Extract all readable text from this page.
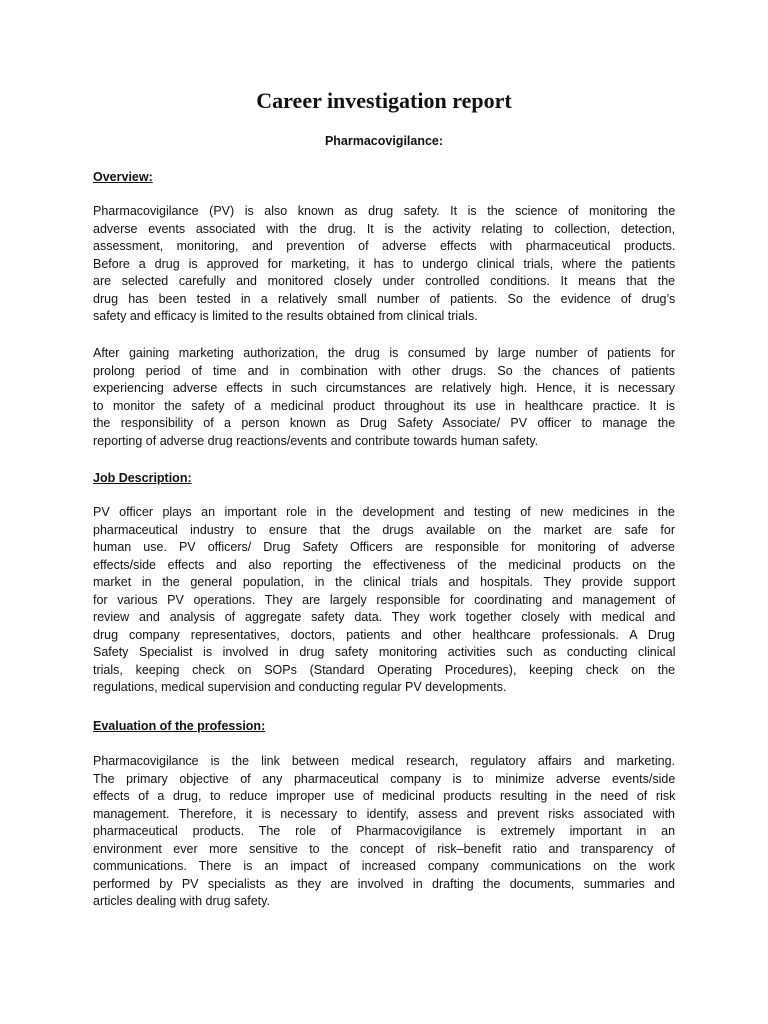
Career investigation report
Pharmacovigilance:
Overview:
Pharmacovigilance (PV) is also known as drug safety. It is the science of monitoring the
adverse events associated with the drug. It is the activity relating to collection, detection,
assessment, monitoring, and prevention of adverse effects with pharmaceutical products.
Before a drug is approved for marketing, it has to undergo clinical trials, where the patients
are selected carefully and monitored closely under controlled conditions. It means that the
drug has been tested in a relatively small number of patients. So the evidence of drug’s
safety and efficacy is limited to the results obtained from clinical trials.
After gaining marketing authorization, the drug is consumed by large number of patients for
prolong period of time and in combination with other drugs. So the chances of patients
experiencing adverse effects in such circumstances are relatively high. Hence, it is necessary
to monitor the safety of a medicinal product throughout its use in healthcare practice. It is
the responsibility of a person known as Drug Safety Associate/ PV officer to manage the
reporting of adverse drug reactions/events and contribute towards human safety.
Job Description:
PV officer plays an important role in the development and testing of new medicines in the
pharmaceutical industry to ensure that the drugs available on the market are safe for
human use. PV officers/ Drug Safety Officers are responsible for monitoring of adverse
effects/side effects and also reporting the effectiveness of the medicinal products on the
market in the general population, in the clinical trials and hospitals. They provide support
for various PV operations. They are largely responsible for coordinating and management of
review and analysis of aggregate safety data. They work together closely with medical and
drug company representatives, doctors, patients and other healthcare professionals. A Drug
Safety Specialist is involved in drug safety monitoring activities such as conducting clinical
trials, keeping check on SOPs (Standard Operating Procedures), keeping check on the
regulations, medical supervision and conducting regular PV developments.
Evaluation of the profession:
Pharmacovigilance is the link between medical research, regulatory affairs and marketing.
The primary objective of any pharmaceutical company is to minimize adverse events/side
effects of a drug, to reduce improper use of medicinal products resulting in the need of risk
management. Therefore, it is necessary to identify, assess and prevent risks associated with
pharmaceutical products. The role of Pharmacovigilance is extremely important in an
environment ever more sensitive to the concept of risk–benefit ratio and transparency of
communications. There is an impact of increased company communications on the work
performed by PV specialists as they are involved in drafting the documents, summaries and
articles dealing with drug safety.
